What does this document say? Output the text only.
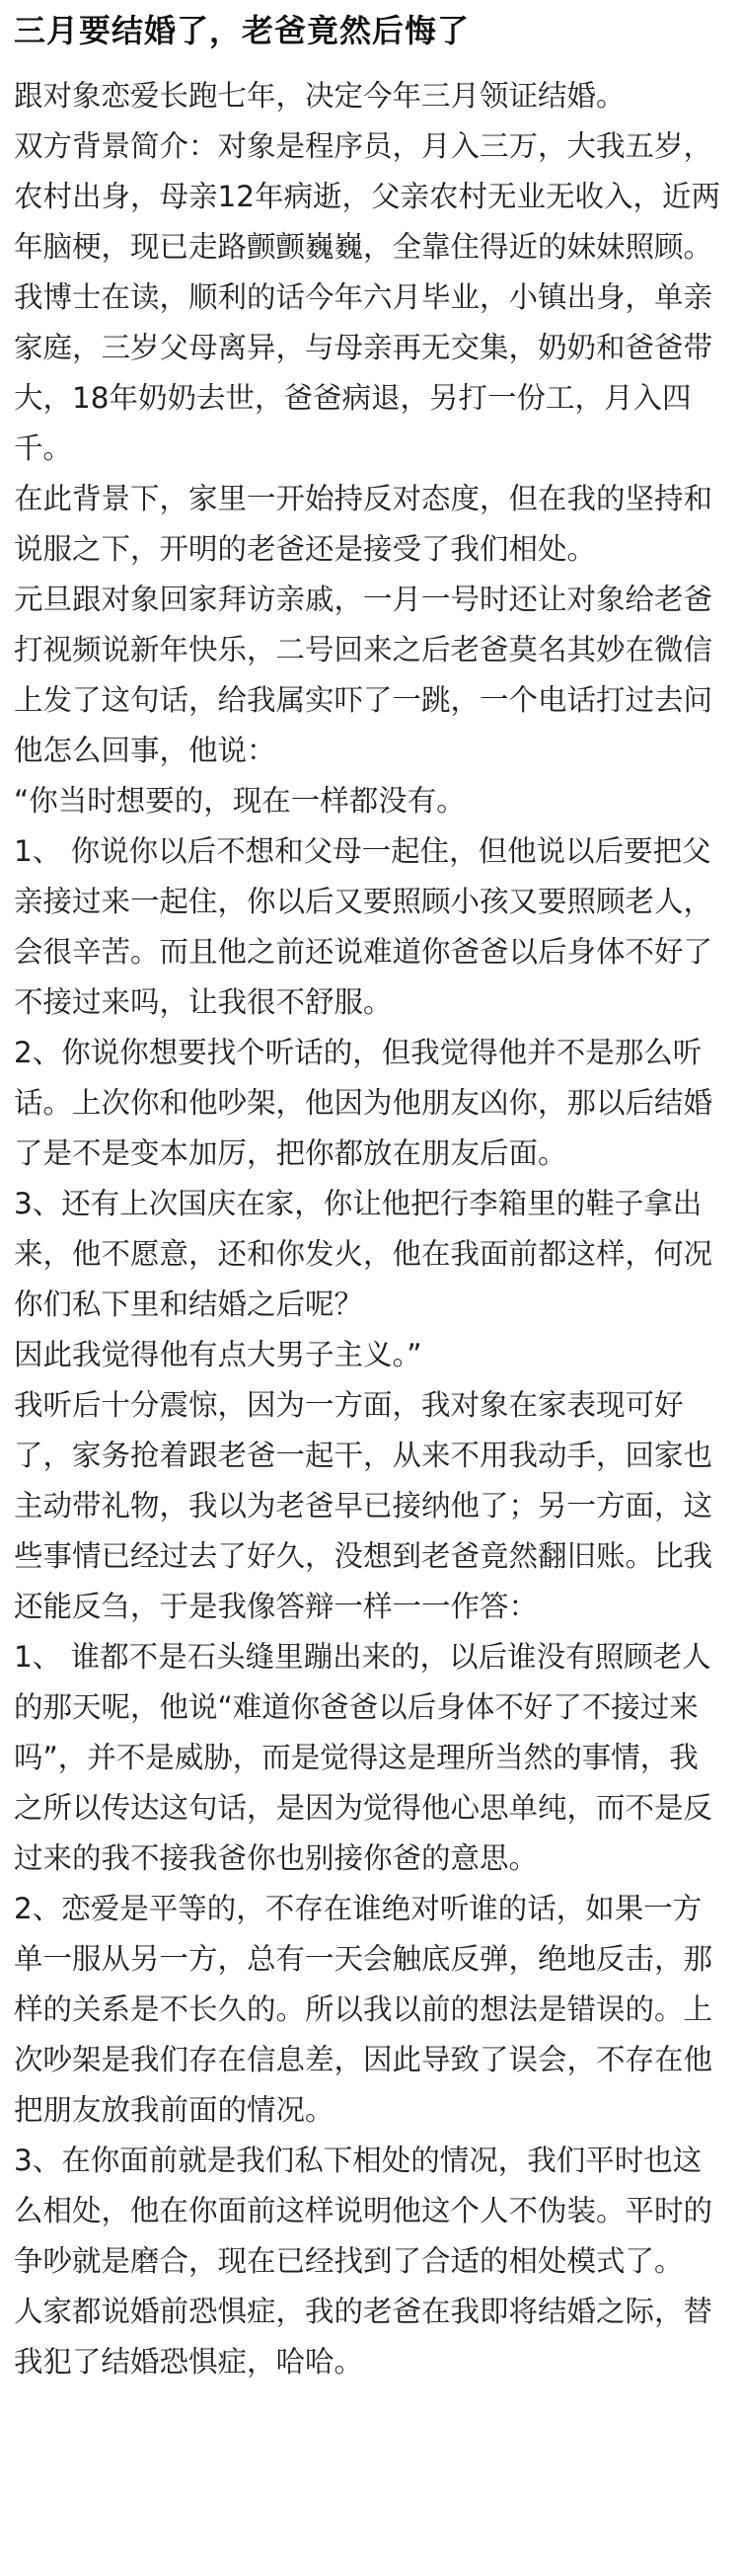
三月要结婚了，老爸竟然后悔了

跟对象恋爱长跑七年，决定今年三月领证结婚。

双方背景简介：对象是程序员，月入三万，大我五岁，农村出身，母亲12年病逝，父亲农村无业无收入，近两年脑梗，现已走路颤颤巍巍，全靠住得近的妹妹照顾。

我博士在读，顺利的话今年六月毕业，小镇出身，单亲家庭，三岁父母离异，与母亲再无交集，奶奶和爸爸带大，18年奶奶去世，爸爸病退，另打一份工，月入四千。

在此背景下，家里一开始持反对态度，但在我的坚持和说服之下，开明的老爸还是接受了我们相处。

元旦跟对象回家拜访亲戚，一月一号时还让对象给老爸打视频说新年快乐，二号回来之后老爸莫名其妙在微信上发了这句话，给我属实吓了一跳，一个电话打过去问他怎么回事，他说：

“你当时想要的，现在一样都没有。

1、 你说你以后不想和父母一起住，但他说以后要把父亲接过来一起住，你以后又要照顾小孩又要照顾老人，会很辛苦。而且他之前还说难道你爸爸以后身体不好了不接过来吗，让我很不舒服。

2、你说你想要找个听话的，但我觉得他并不是那么听话。上次你和他吵架，他因为他朋友凶你，那以后结婚了是不是变本加厉，把你都放在朋友后面。

3、还有上次国庆在家，你让他把行李箱里的鞋子拿出来，他不愿意，还和你发火，他在我面前都这样，何况你们私下里和结婚之后呢？

因此我觉得他有点大男子主义。”

我听后十分震惊，因为一方面，我对象在家表现可好了，家务抢着跟老爸一起干，从来不用我动手，回家也主动带礼物，我以为老爸早已接纳他了；另一方面，这些事情已经过去了好久，没想到老爸竟然翻旧账。比我还能反刍，于是我像答辩一样一一作答：

1、 谁都不是石头缝里蹦出来的，以后谁没有照顾老人的那天呢，他说“难道你爸爸以后身体不好了不接过来吗”，并不是威胁，而是觉得这是理所当然的事情，我之所以传达这句话，是因为觉得他心思单纯，而不是反过来的我不接我爸你也别接你爸的意思。

2、恋爱是平等的，不存在谁绝对听谁的话，如果一方单一服从另一方，总有一天会触底反弹，绝地反击，那样的关系是不长久的。所以我以前的想法是错误的。上次吵架是我们存在信息差，因此导致了误会，不存在他把朋友放我前面的情况。

3、在你面前就是我们私下相处的情况，我们平时也这么相处，他在你面前这样说明他这个人不伪装。平时的争吵就是磨合，现在已经找到了合适的相处模式了。

人家都说婚前恐惧症，我的老爸在我即将结婚之际，替我犯了结婚恐惧症，哈哈。
